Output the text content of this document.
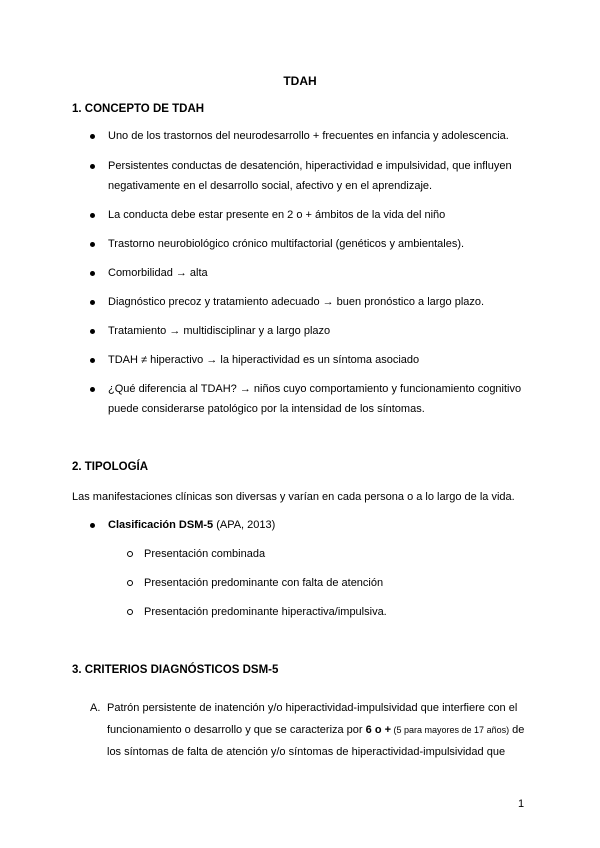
TDAH
1. CONCEPTO DE TDAH
Uno de los trastornos del neurodesarrollo + frecuentes en infancia y adolescencia.
Persistentes conductas de desatención, hiperactividad e impulsividad, que influyen negativamente en el desarrollo social, afectivo y en el aprendizaje.
La conducta debe estar presente en 2 o + ámbitos de la vida del niño
Trastorno neurobiológico crónico multifactorial (genéticos y ambientales).
Comorbilidad → alta
Diagnóstico precoz y tratamiento adecuado → buen pronóstico a largo plazo.
Tratamiento → multidisciplinar y a largo plazo
TDAH ≠ hiperactivo → la hiperactividad es un síntoma asociado
¿Qué diferencia al TDAH? → niños cuyo comportamiento y funcionamiento cognitivo puede considerarse patológico por la intensidad de los síntomas.
2. TIPOLOGÍA
Las manifestaciones clínicas son diversas y varían en cada persona o a lo largo de la vida.
Clasificación DSM-5 (APA, 2013)
Presentación combinada
Presentación predominante con falta de atención
Presentación predominante hiperactiva/impulsiva.
3. CRITERIOS DIAGNÓSTICOS DSM-5
A. Patrón persistente de inatención y/o hiperactividad-impulsividad que interfiere con el funcionamiento o desarrollo y que se caracteriza por 6 o + (5 para mayores de 17 años) de los síntomas de falta de atención y/o síntomas de hiperactividad-impulsividad que
1
